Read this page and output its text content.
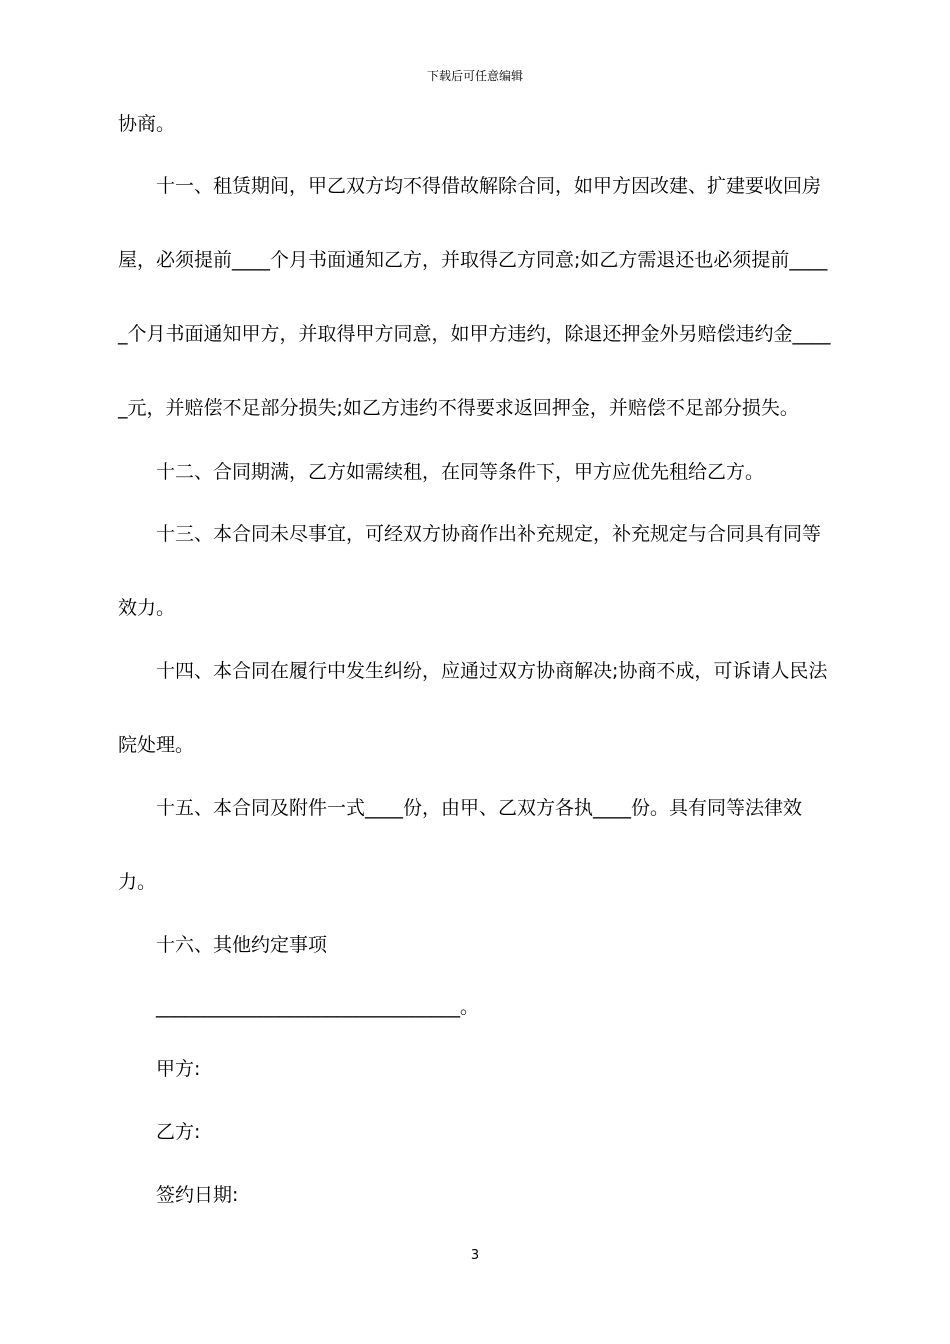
下载后可任意编辑
协商。
十一、租赁期间，甲乙双方均不得借故解除合同，如甲方因改建、扩建要收回房
屋，必须提前____个月书面通知乙方，并取得乙方同意;如乙方需退还也必须提前____
_个月书面通知甲方，并取得甲方同意，如甲方违约，除退还押金外另赔偿违约金____
_元，并赔偿不足部分损失;如乙方违约不得要求返回押金，并赔偿不足部分损失。
十二、合同期满，乙方如需续租，在同等条件下，甲方应优先租给乙方。
十三、本合同未尽事宜，可经双方协商作出补充规定，补充规定与合同具有同等
效力。
十四、本合同在履行中发生纠纷，应通过双方协商解决;协商不成，可诉请人民法
院处理。
十五、本合同及附件一式____份，由甲、乙双方各执____份。具有同等法律效
力。
十六、其他约定事项
________________________________。
甲方:
乙方:
签约日期:
3
